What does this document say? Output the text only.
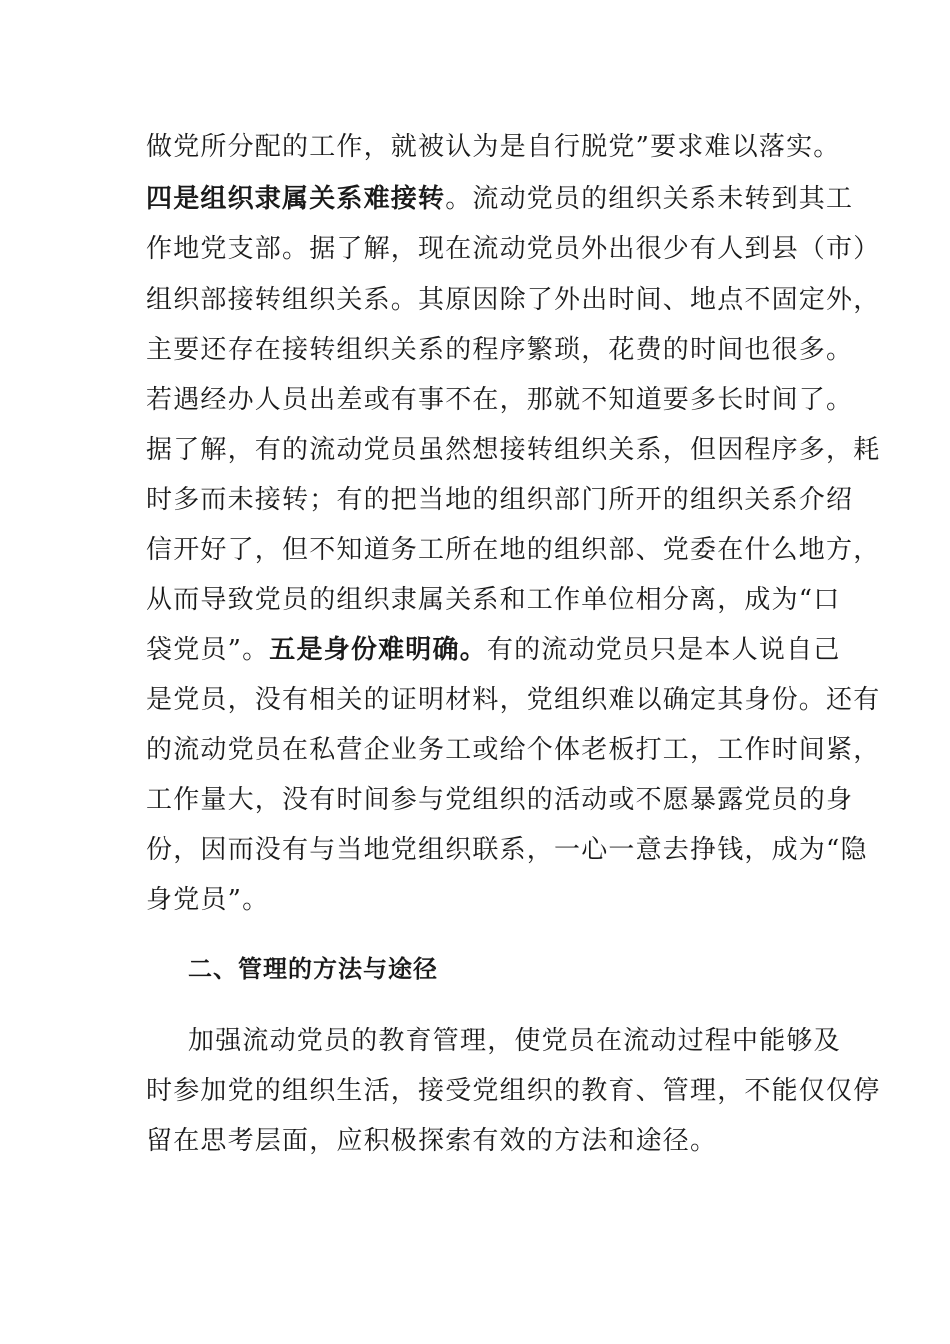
做党所分配的工作，就被认为是自行脱党”要求难以落实。
四是组织隶属关系难接转。流动党员的组织关系未转到其工
作地党支部。据了解，现在流动党员外出很少有人到县（市）
组织部接转组织关系。其原因除了外出时间、地点不固定外，
主要还存在接转组织关系的程序繁琐，花费的时间也很多。
若遇经办人员出差或有事不在，那就不知道要多长时间了。
据了解，有的流动党员虽然想接转组织关系，但因程序多，耗
时多而未接转；有的把当地的组织部门所开的组织关系介绍
信开好了，但不知道务工所在地的组织部、党委在什么地方，
从而导致党员的组织隶属关系和工作单位相分离，成为“口
袋党员”。五是身份难明确。有的流动党员只是本人说自己
是党员，没有相关的证明材料，党组织难以确定其身份。还有
的流动党员在私营企业务工或给个体老板打工，工作时间紧，
工作量大，没有时间参与党组织的活动或不愿暴露党员的身
份，因而没有与当地党组织联系，一心一意去挣钱，成为“隐
身党员”。
二、管理的方法与途径
加强流动党员的教育管理，使党员在流动过程中能够及
时参加党的组织生活，接受党组织的教育、管理，不能仅仅停
留在思考层面，应积极探索有效的方法和途径。
